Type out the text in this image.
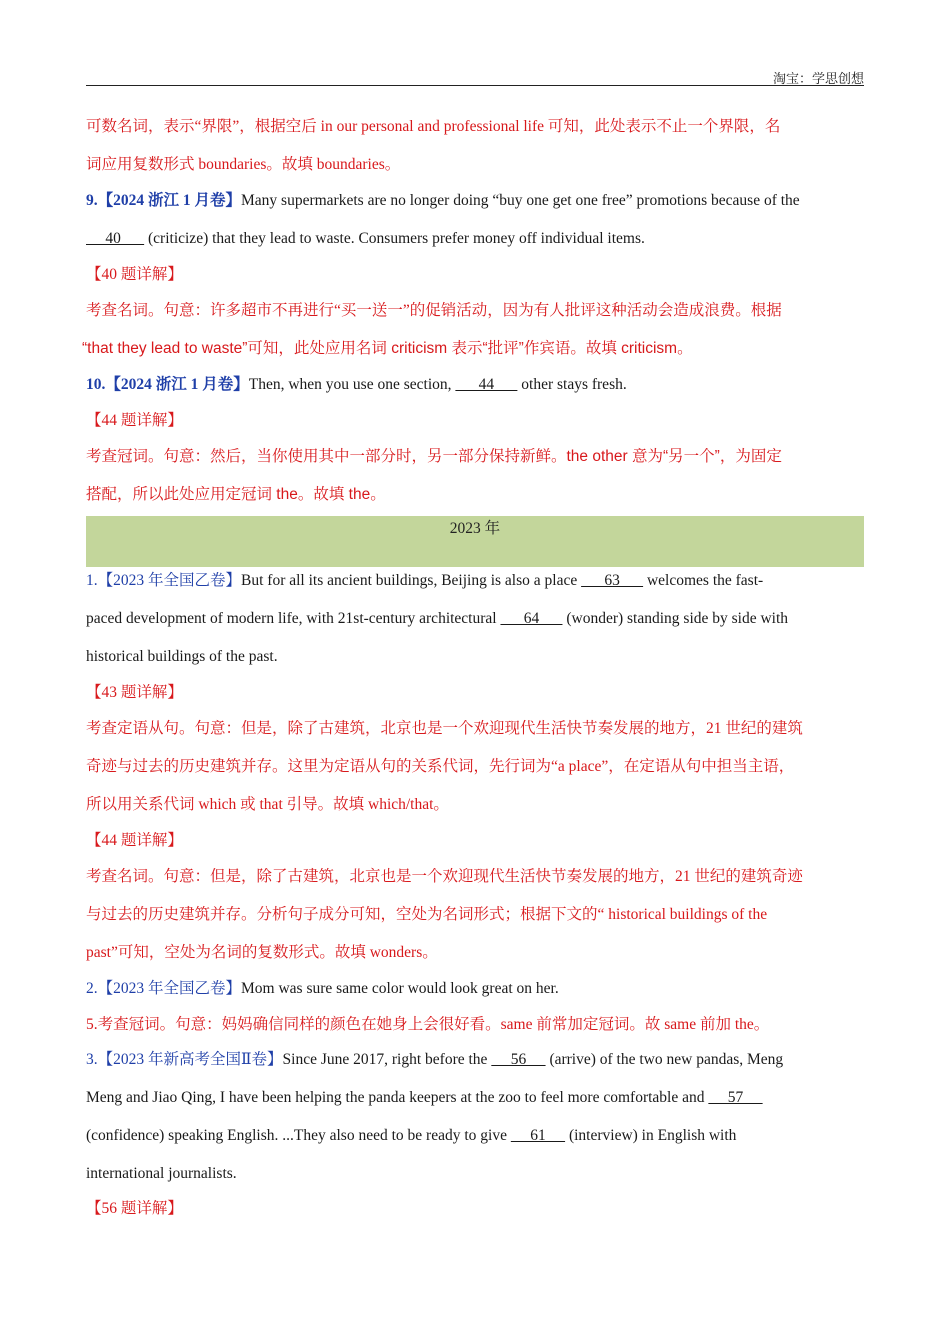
淘宝：学思创想
可数名词，表示“界限”，根据空后 in our personal and professional life 可知，此处表示不止一个界限，名
词应用复数形式 boundaries。故填 boundaries。
9.【2024 浙江 1 月卷】Many supermarkets are no longer doing “buy one get one free” promotions because of the
40       (criticize) that they lead to waste. Consumers prefer money off individual items.
【40 题详解】
考查名词。句意：许多超市不再进行“买一送一”的促销活动，因为有人批评这种活动会造成浪费。根据
“that they lead to waste”可知，此处应用名词 criticism 表示“批评”作宾语。故填 criticism。
10.【2024 浙江 1 月卷】Then, when you use one section,       44       other stays fresh.
【44 题详解】
考查冠词。句意：然后，当你使用其中一部分时，另一部分保持新鲜。the other 意为“另一个”，为固定
搭配，所以此处应用定冠词 the。故填 the。
2023 年
1.【2023 年全国乙卷】But for all its ancient buildings, Beijing is also a place       63       welcomes the fast-
paced development of modern life, with 21st-century architectural       64       (wonder) standing side by side with
historical buildings of the past.
【43 题详解】
考查定语从句。句意：但是，除了古建筑，北京也是一个欢迎现代生活快节奏发展的地方，21 世纪的建筑
奇迹与过去的历史建筑并存。这里为定语从句的关系代词，先行词为“a place”，在定语从句中担当主语，
所以用关系代词 which 或 that 引导。故填 which/that。
【44 题详解】
考查名词。句意：但是，除了古建筑，北京也是一个欢迎现代生活快节奏发展的地方，21 世纪的建筑奇迹
与过去的历史建筑并存。分析句子成分可知，空处为名词形式；根据下文的“ historical buildings of the
past”可知，空处为名词的复数形式。故填 wonders。
2.【2023 年全国乙卷】Mom was sure same color would look great on her.
5.考查冠词。句意：妈妈确信同样的颜色在她身上会很好看。same 前常加定冠词。故 same 前加 the。
3.【2023 年新高考全国Ⅱ卷】Since June 2017, right before the      56      (arrive) of the two new pandas, Meng
Meng and Jiao Qing, I have been helping the panda keepers at the zoo to feel more comfortable and      57
(confidence) speaking English. ...They also need to be ready to give      61      (interview) in English with
international journalists.
【56 题详解】
